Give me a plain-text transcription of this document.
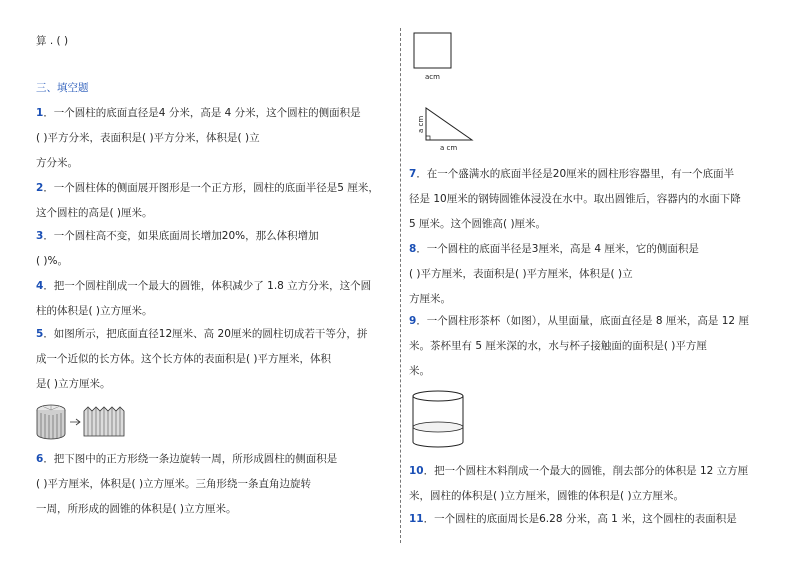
算 . ( )
三、填空题
1．一个圆柱的底面直径是4 分米，高是 4 分米，这个圆柱的侧面积是
( )平方分米，表面积是( )平方分米，体积是( )立
方分米。
2．一个圆柱体的侧面展开图形是一个正方形，圆柱的底面半径是5 厘米，
这个圆柱的高是( )厘米。
3．一个圆柱高不变，如果底面周长增加20%，那么体积增加
( )%。
4．把一个圆柱削成一个最大的圆锥，体积减少了 1.8 立方分米，这个圆
柱的体积是( )立方厘米。
5．如图所示，把底面直径12厘米、高 20厘米的圆柱切成若干等分，拼
成一个近似的长方体。这个长方体的表面积是( )平方厘米，体积
是( )立方厘米。
6．把下图中的正方形绕一条边旋转一周，所形成圆柱的侧面积是
( )平方厘米，体积是( )立方厘米。三角形绕一条直角边旋转
一周，所形成的圆锥的体积是( )立方厘米。
7．在一个盛满水的底面半径是20厘米的圆柱形容器里，有一个底面半
径是 10厘米的钢铸圆锥体浸没在水中。取出圆锥后，容器内的水面下降
5 厘米。这个圆锥高( )厘米。
8．一个圆柱的底面半径是3厘米，高是 4 厘米，它的侧面积是
( )平方厘米，表面积是( )平方厘米，体积是( )立
方厘米。
9．一个圆柱形茶杯（如图），从里面量，底面直径是 8 厘米，高是 12 厘
米。茶杯里有 5 厘米深的水，水与杯子接触面的面积是( )平方厘
米。
10．把一个圆柱木料削成一个最大的圆锥，削去部分的体积是 12 立方厘
米，圆柱的体积是( )立方厘米，圆锥的体积是( )立方厘米。
11．一个圆柱的底面周长是6.28 分米，高 1 米，这个圆柱的表面积是
acm
a cm
a cm
